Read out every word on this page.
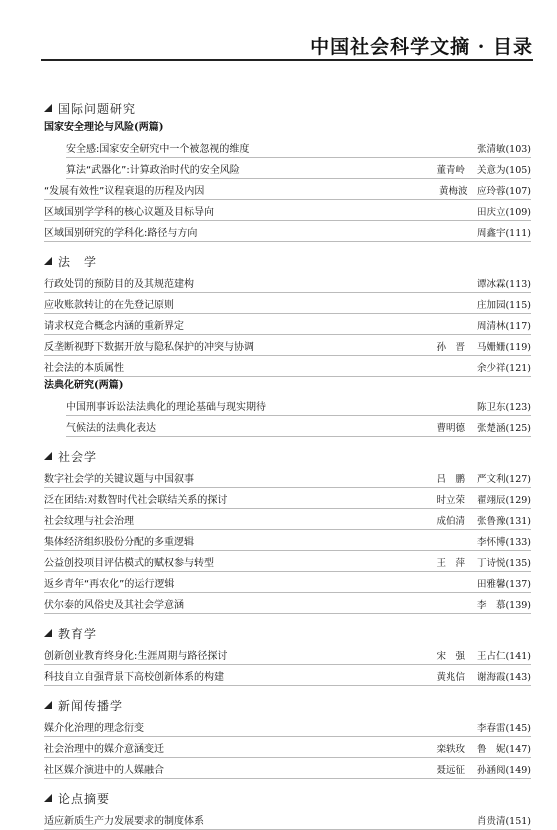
中国社会科学文摘 · 目录
国际问题研究
国家安全理论与风险(两篇)
安全感:国家安全研究中一个被忽视的维度	张清敏(103)
算法“武器化”:计算政治时代的安全风险	董青岭	关意为(105)
“发展有效性”议程衰退的历程及内因	黄梅波　应玲蓉(107)
区域国别学学科的核心议题及目标导向	田庆立(109)
区域国别研究的学科化:路径与方向	周鑫宇(111)
法　学
行政处罚的预防目的及其规范建构	谭冰霖(113)
应收账款转让的在先登记原则	庄加园(115)
请求权竞合概念内涵的重新界定	周清林(117)
反垄断视野下数据开放与隐私保护的冲突与协调	孙　晋	马姗姗(119)
社会法的本质属性	余少祥(121)
法典化研究(两篇)
中国刑事诉讼法法典化的理论基础与现实期待	陈卫东(123)
气候法的法典化表达	曹明德	张楚涵(125)
社会学
数字社会学的关键议题与中国叙事	吕　鹏	严文利(127)
泛在团结:对数智时代社会联结关系的探讨	时立荣	翟翊辰(129)
社会纹理与社会治理	成伯清	张鲁豫(131)
集体经济组织股份分配的多重逻辑	李怀博(133)
公益创投项目评估模式的赋权参与转型	王　萍	丁诗悦(135)
返乡青年“再农化”的运行逻辑	田雅馨(137)
伏尔泰的风俗史及其社会学意涵	李　慕(139)
教育学
创新创业教育终身化:生涯周期与路径探讨	宋　强	王占仁(141)
科技自立自强背景下高校创新体系的构建	黄兆信	谢海霞(143)
新闻传播学
媒介化治理的理念衍变	李春雷(145)
社会治理中的媒介意涵变迁	栾轶玫	鲁　妮(147)
社区媒介演进中的人媒融合	聂远征	孙涵阅(149)
论点摘要
适应新质生产力发展要求的制度体系	肖贵清(151)
